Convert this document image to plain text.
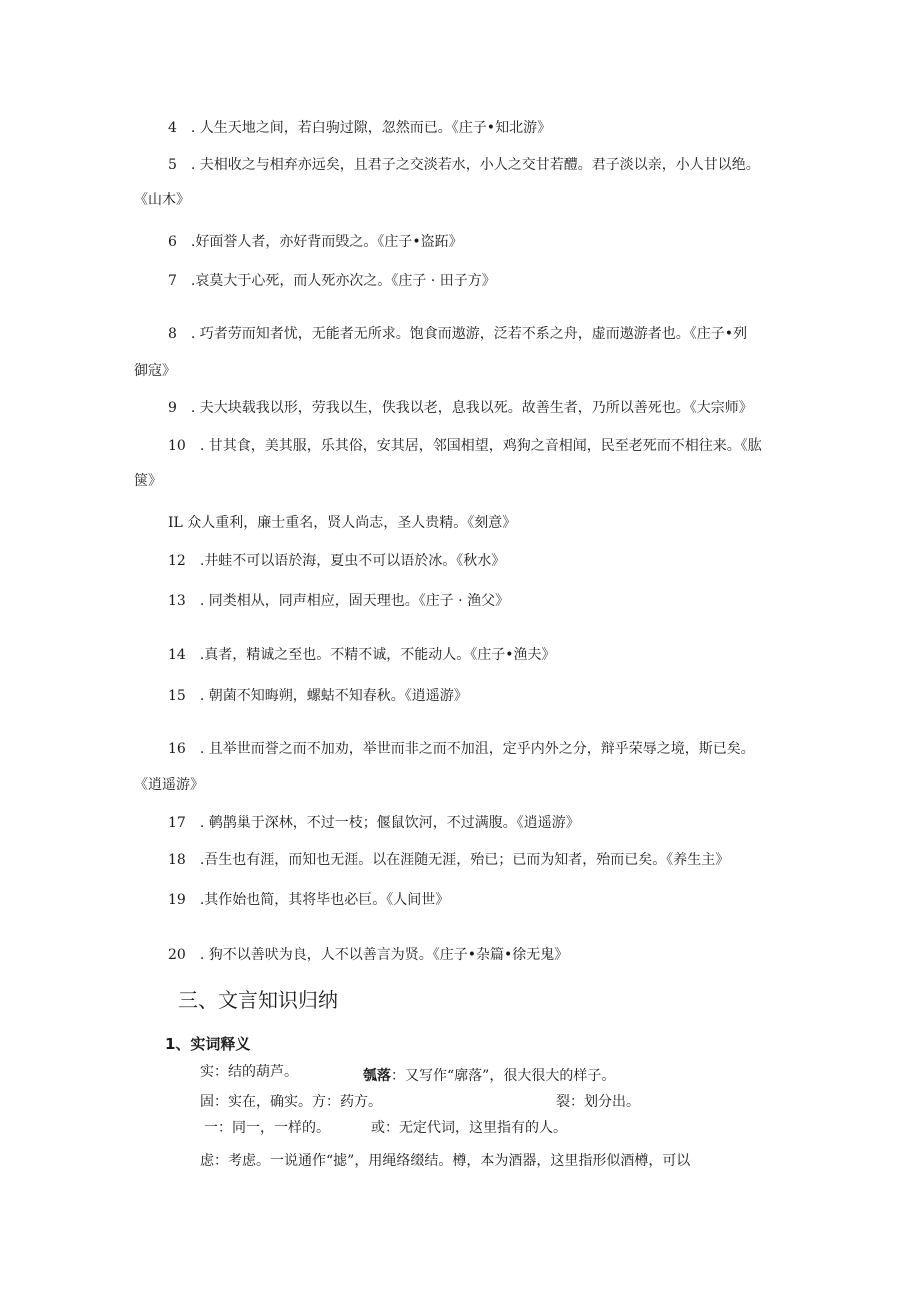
4　. 人生天地之间，若白驹过隙，忽然而已。《庄子•知北游》
5　. 夫相收之与相弃亦远矣，且君子之交淡若水，小人之交甘若醴。君子淡以亲，小人甘以绝。
《山木》
6　.好面誉人者，亦好背而毁之。《庄子•盗跖》
7　.哀莫大于心死，而人死亦次之。《庄子 · 田子方》
8　. 巧者劳而知者忧，无能者无所求。饱食而遨游，泛若不系之舟，虚而遨游者也。《庄子•列
御寇》
9　. 夫大块载我以形，劳我以生，佚我以老，息我以死。故善生者，乃所以善死也。《大宗师》
10　. 甘其食，美其服，乐其俗，安其居，邻国相望，鸡狗之音相闻，民至老死而不相往来。《肱
箧》
IL 众人重利，廉士重名，贤人尚志，圣人贵精。《刻意》
12　.井蛙不可以语於海，夏虫不可以语於冰。《秋水》
13　. 同类相从，同声相应，固天理也。《庄子 · 渔父》
14　.真者，精诚之至也。不精不诚，不能动人。《庄子•渔夫》
15　. 朝菌不知晦朔，螺蛄不知春秋。《逍遥游》
16　. 且举世而誉之而不加劝，举世而非之而不加沮，定乎内外之分，辩乎荣辱之境，斯已矣。
《逍遥游》
17　. 鹌鹊巢于深林，不过一枝；偃鼠饮河，不过满腹。《逍遥游》
18　.吾生也有涯，而知也无涯。以在涯随无涯，殆已；已而为知者，殆而已矣。《养生主》
19　.其作始也简，其将毕也必巨。《人间世》
20　. 狗不以善吠为良，人不以善言为贤。《庄子•杂篇•徐无鬼》
三、文言知识归纳
1、实词释义
实：结的葫芦。	瓠落：又写作“廓落”，很大很大的样子。
固：实在，确实。方：药方。	裂：划分出。
一：同一，一样的。	或：无定代词，这里指有的人。
虑：考虑。一说通作“摅”，用绳络缀结。樽，本为酒器，这里指形似酒樽，可以
